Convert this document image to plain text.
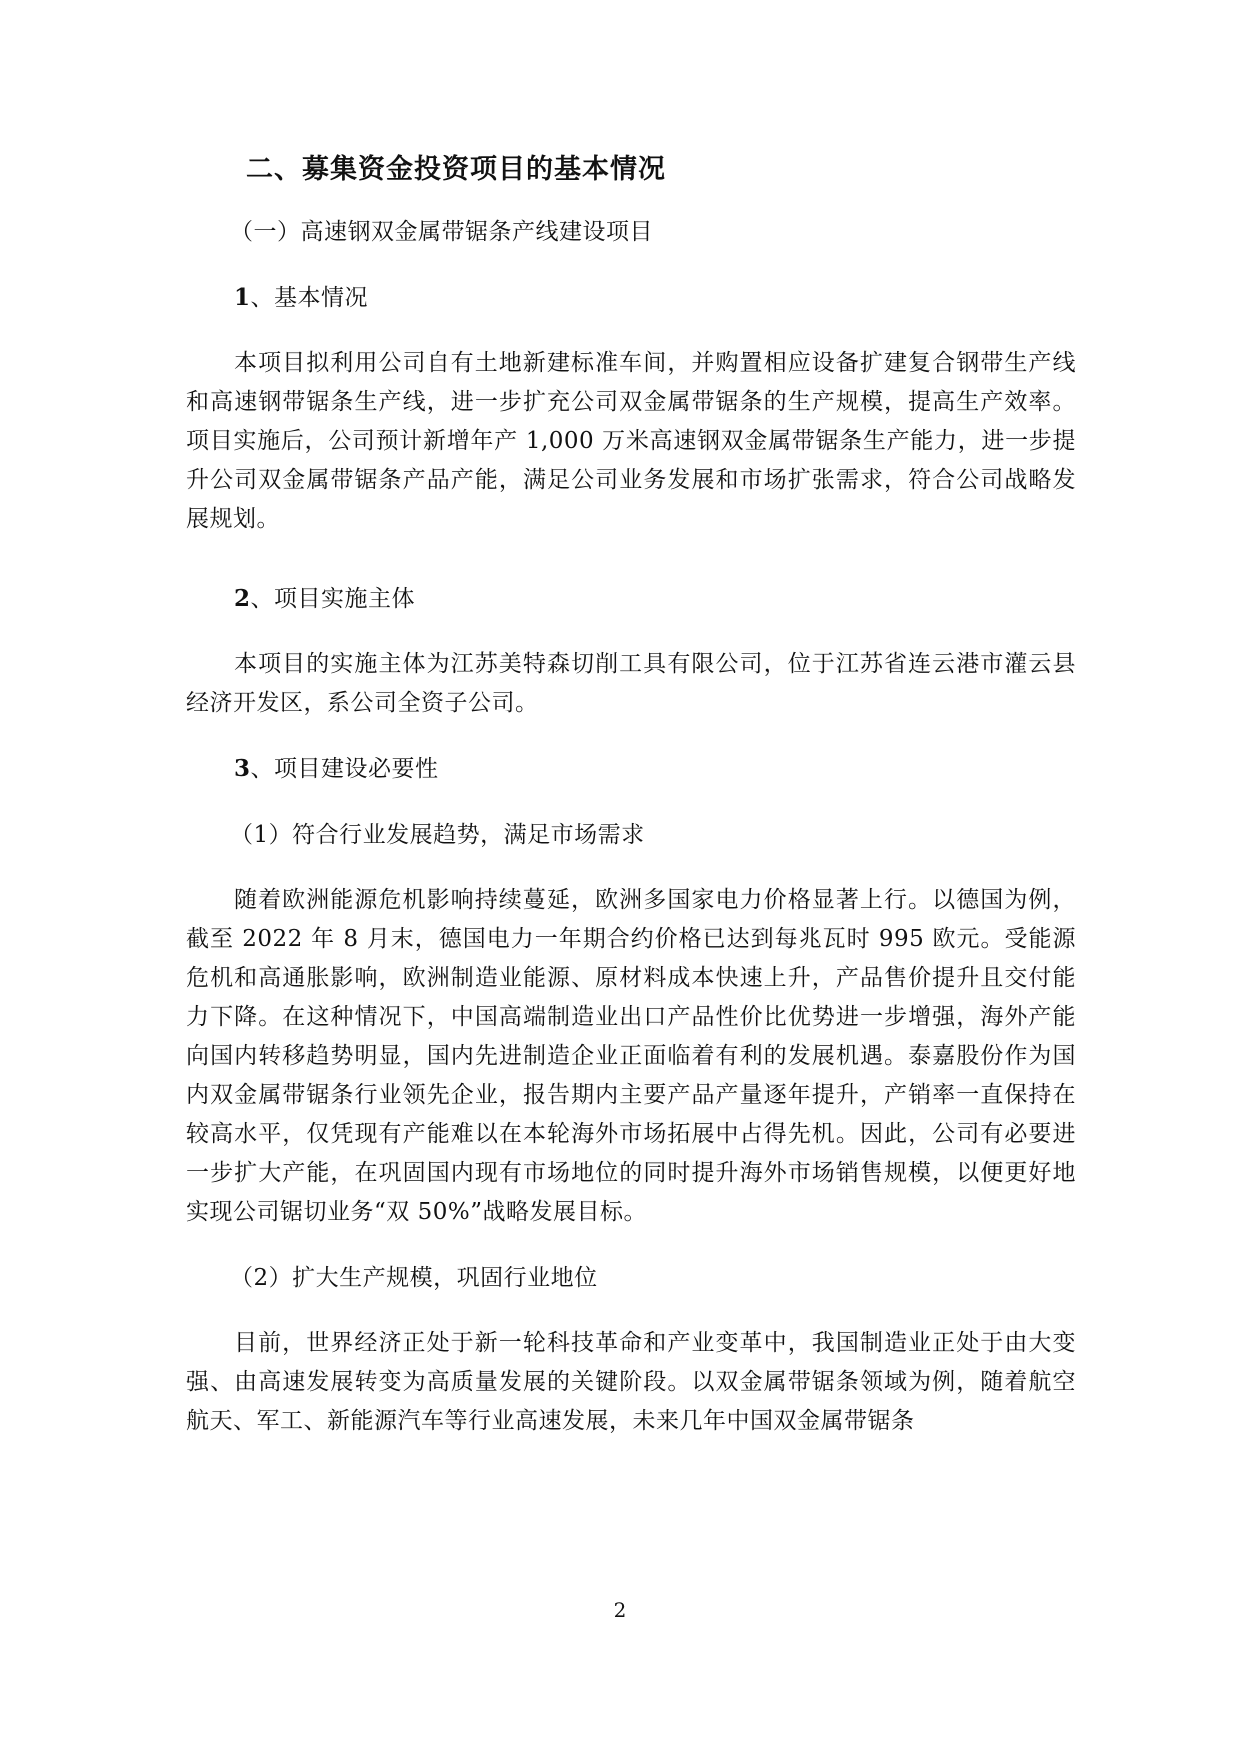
二、募集资金投资项目的基本情况
（一）高速钢双金属带锯条产线建设项目
1、基本情况

本项目拟利用公司自有土地新建标准车间，并购置相应设备扩建复合钢带生产线和高速钢带锯条生产线，进一步扩充公司双金属带锯条的生产规模，提高生产效率。项目实施后，公司预计新增年产 1,000 万米高速钢双金属带锯条生产能力，进一步提升公司双金属带锯条产品产能，满足公司业务发展和市场扩张需求，符合公司战略发展规划。

2、项目实施主体

本项目的实施主体为江苏美特森切削工具有限公司，位于江苏省连云港市灌云县经济开发区，系公司全资子公司。

3、项目建设必要性
（1）符合行业发展趋势，满足市场需求

随着欧洲能源危机影响持续蔓延，欧洲多国家电力价格显著上行。以德国为例，截至 2022 年 8 月末，德国电力一年期合约价格已达到每兆瓦时 995 欧元。受能源危机和高通胀影响，欧洲制造业能源、原材料成本快速上升，产品售价提升且交付能力下降。在这种情况下，中国高端制造业出口产品性价比优势进一步增强，海外产能向国内转移趋势明显，国内先进制造企业正面临着有利的发展机遇。泰嘉股份作为国内双金属带锯条行业领先企业，报告期内主要产品产量逐年提升，产销率一直保持在较高水平，仅凭现有产能难以在本轮海外市场拓展中占得先机。因此，公司有必要进一步扩大产能，在巩固国内现有市场地位的同时提升海外市场销售规模，以便更好地实现公司锯切业务“双 50%”战略发展目标。

（2）扩大生产规模，巩固行业地位

目前，世界经济正处于新一轮科技革命和产业变革中，我国制造业正处于由大变强、由高速发展转变为高质量发展的关键阶段。以双金属带锯条领域为例，随着航空航天、军工、新能源汽车等行业高速发展，未来几年中国双金属带锯条

2
